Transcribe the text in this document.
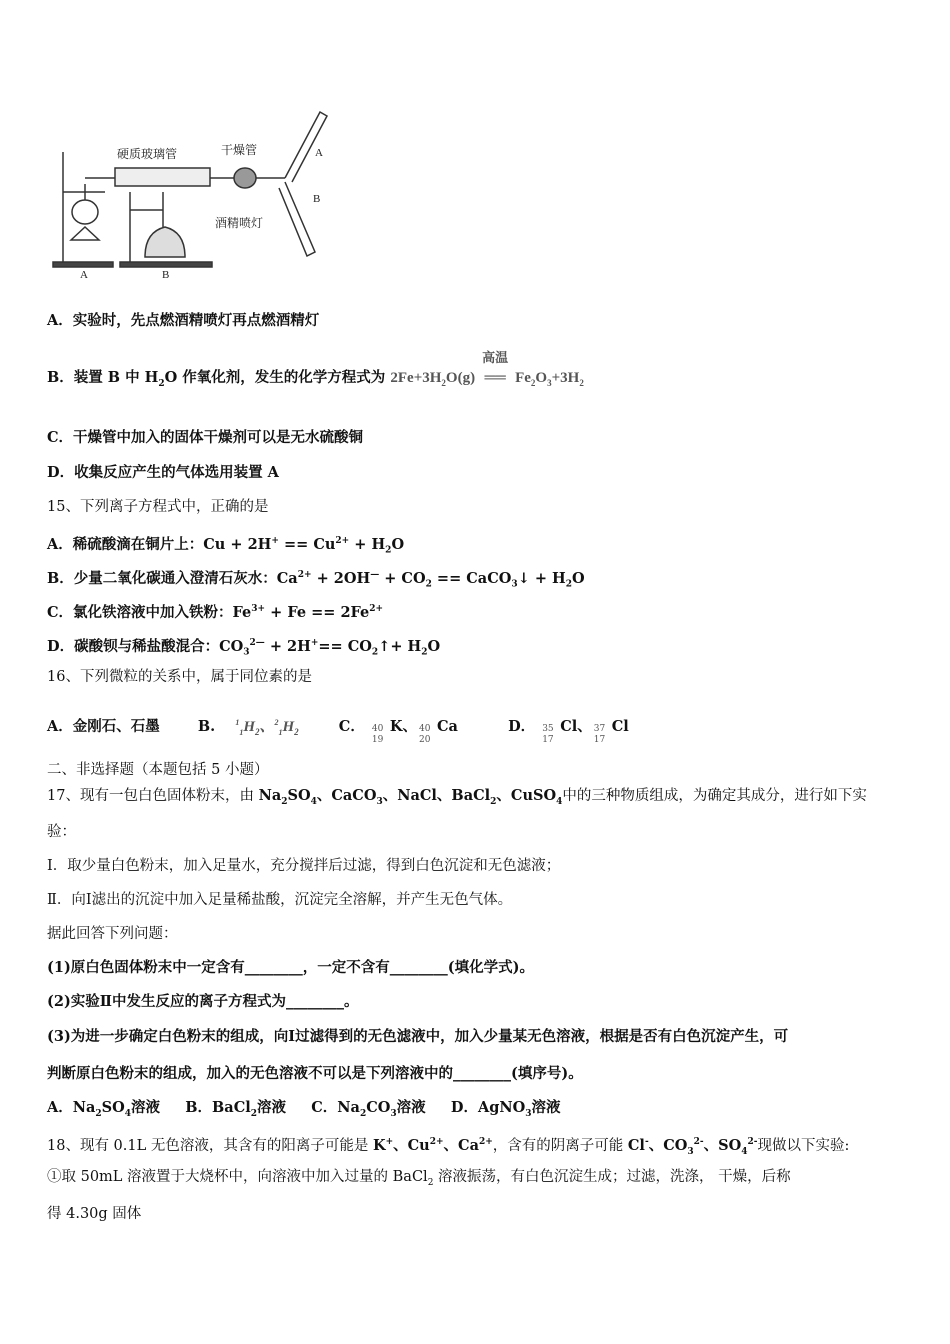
硬质玻璃管	干燥管
酒精喷灯
A	B
A
B
A．实验时，先点燃酒精喷灯再点燃酒精灯
B．装置 B 中 $H_2O$ 作氧化剂，发生的化学方程式为 $2Fe+3H_2O(g)$
高温
══ $Fe_2O_3+3H_2$
C．干燥管中加入的固体干燥剂可以是无水硫酸铜
D．收集反应产生的气体选用装置 A
15、下列离子方程式中，正确的是
A．稀硫酸滴在铜片上：$Cu + 2H^+ == Cu^{2+} + H_2O$
B．少量二氧化碳通入澄清石灰水：$Ca^{2+} + 2OH^— + CO_2$ == CaCO$_3$↓ + $H_2O$
C．氯化铁溶液中加入铁粉：$Fe^{3+} + Fe == 2Fe^{2+}$
D．碳酸钡与稀盐酸混合：$CO_3^{2—} + 2H^+==$ $CO_2↑+ H_2O$
16、下列微粒的关系中，属于同位素的是
A．金刚石、石墨	B.	$^1_1H_2$、$^2_1H_2$	C． 40
19
K、 40
20
Ca	D． 35
17
Cl、 37
17
Cl
二、非选择题（本题包括 5 小题）
17、现有一包白色固体粉末，由 $Na_2SO_4$、CaCO$_3$、NaCl、BaCl$_2$、CuSO$_4$中的三种物质组成，为确定其成分，进行如下实
验：
Ⅰ．取少量白色粉末，加入足量水，充分搅拌后过滤，得到白色沉淀和无色滤液；
Ⅱ．向Ⅰ滤出的沉淀中加入足量稀盐酸，沉淀完全溶解，并产生无色气体。
据此回答下列问题：
(1)原白色固体粉末中一定含有________，一定不含有________(填化学式)。
(2)实验Ⅱ中发生反应的离子方程式为________。
(3)为进一步确定白色粉末的组成，向Ⅰ过滤得到的无色滤液中，加入少量某无色溶液，根据是否有白色沉淀产生，可
判断原白色粉末的组成，加入的无色溶液不可以是下列溶液中的________(填序号)。
A．$Na_2SO_4$溶液     B．BaCl$_2$溶液     C．$Na_2CO_3$溶液     D．AgNO$_3$溶液
18、现有 0.1L 无色溶液，其含有的阳离子可能是 K+、$Cu^{2+}$、$Ca^{2+}$，含有的阴离子可能 Cl-、$CO_3^{2-}$、$SO_4^{2-}$现做以下实验:
①取 50mL 溶液置于大烧杯中，向溶液中加入过量的 BaCl$_2$ 溶液振荡，有白色沉淀生成；过滤，洗涤， 干燥，后称
得 4.30g 固体
